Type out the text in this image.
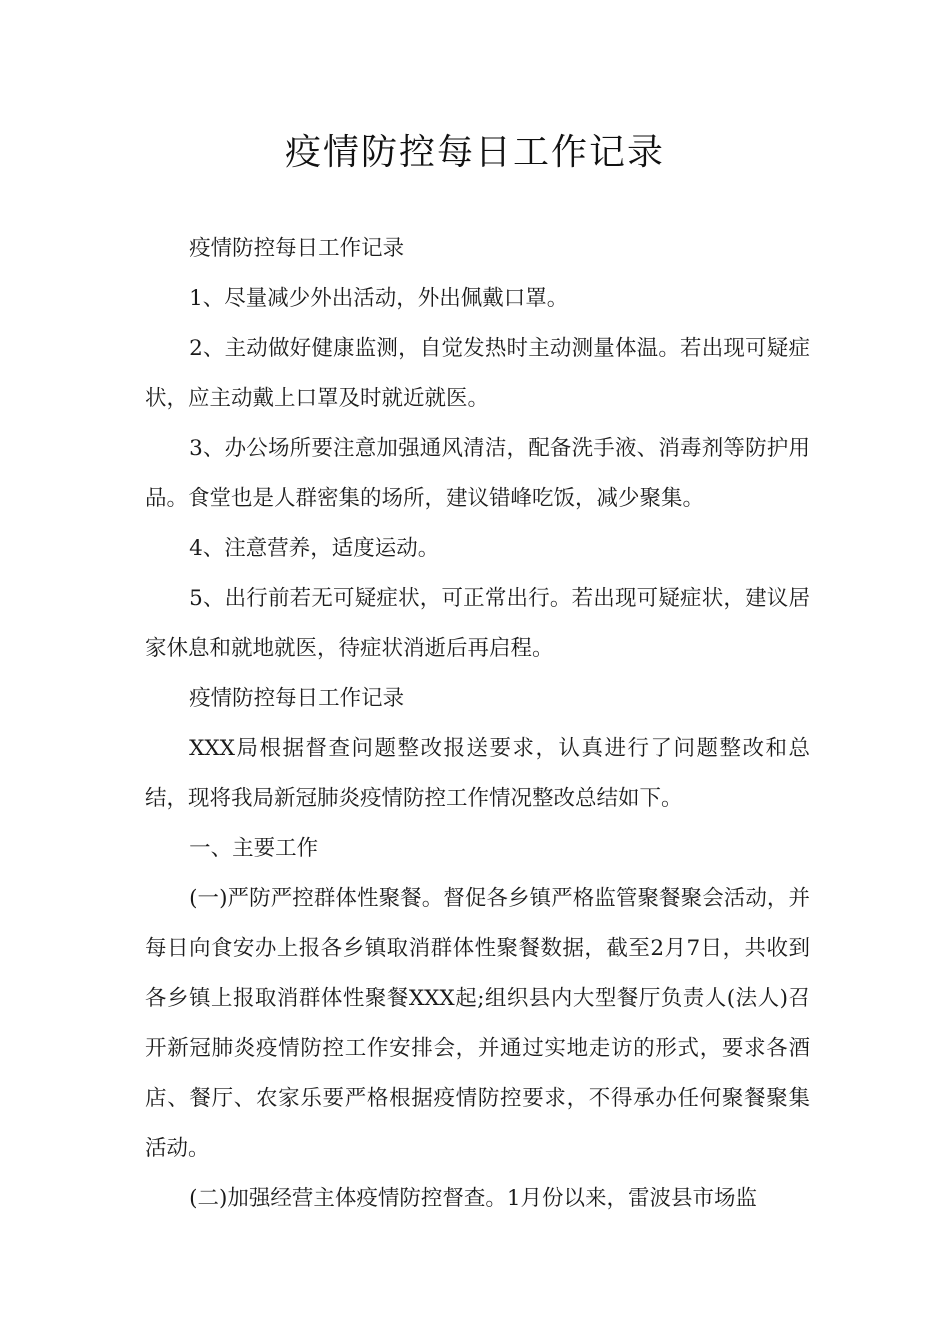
疫情防控每日工作记录

疫情防控每日工作记录

1、尽量减少外出活动，外出佩戴口罩。

2、主动做好健康监测，自觉发热时主动测量体温。若出现可疑症状，应主动戴上口罩及时就近就医。

3、办公场所要注意加强通风清洁，配备洗手液、消毒剂等防护用品。食堂也是人群密集的场所，建议错峰吃饭，减少聚集。

4、注意营养，适度运动。

5、出行前若无可疑症状，可正常出行。若出现可疑症状，建议居家休息和就地就医，待症状消逝后再启程。

疫情防控每日工作记录

XXX局根据督查问题整改报送要求，认真进行了问题整改和总结，现将我局新冠肺炎疫情防控工作情况整改总结如下。

一、主要工作

(一)严防严控群体性聚餐。督促各乡镇严格监管聚餐聚会活动，并每日向食安办上报各乡镇取消群体性聚餐数据，截至2月7日，共收到各乡镇上报取消群体性聚餐XXX起;组织县内大型餐厅负责人(法人)召开新冠肺炎疫情防控工作安排会，并通过实地走访的形式，要求各酒店、餐厅、农家乐要严格根据疫情防控要求，不得承办任何聚餐聚集活动。

(二)加强经营主体疫情防控督查。1月份以来，雷波县市场监
